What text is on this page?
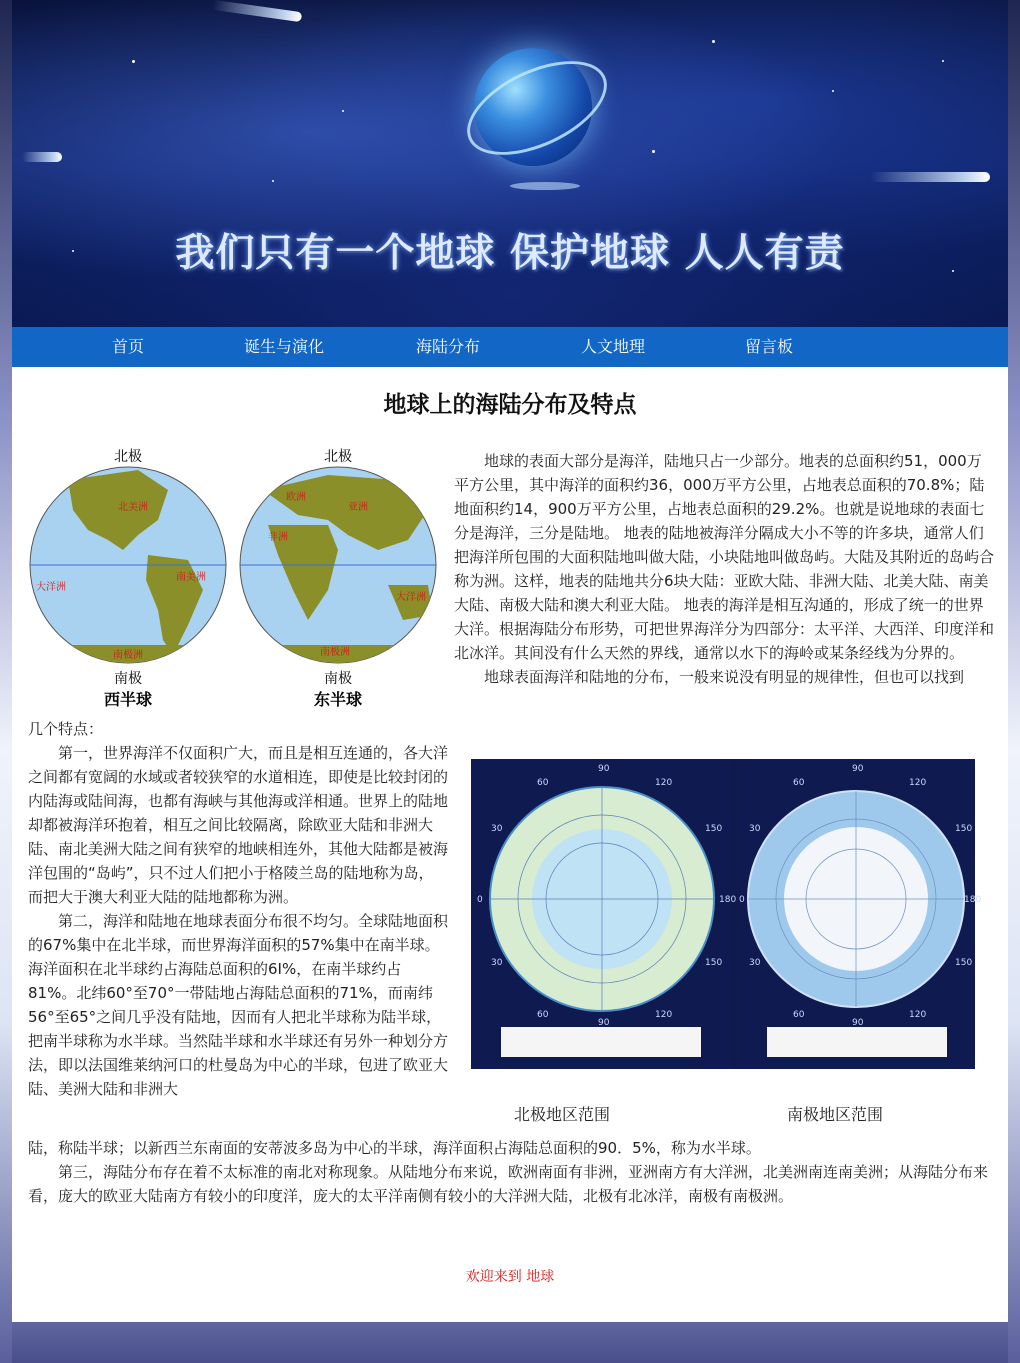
我们只有一个地球 保护地球 人人有责
首页	诞生与演化	海陆分布	人文地理	留言板
地球上的海陆分布及特点
北极	北极
南极	南极
西半球	东半球
北美洲
南美洲
大洋洲
南极洲
欧洲
亚洲
非洲
大洋洲
南极洲

地球的表面大部分是海洋，陆地只占一少部分。地表的总面积约51，000万平方公里，其中海洋的面积约36，000万平方公里，占地表总面积的70.8%；陆地面积约14，900万平方公里，占地表总面积的29.2%。也就是说地球的表面七分是海洋，三分是陆地。 地表的陆地被海洋分隔成大小不等的许多块，通常人们把海洋所包围的大面积陆地叫做大陆，小块陆地叫做岛屿。大陆及其附近的岛屿合称为洲。这样，地表的陆地共分6块大陆：亚欧大陆、非洲大陆、北美大陆、南美大陆、南极大陆和澳大利亚大陆。 地表的海洋是相互沟通的，形成了统一的世界大洋。根据海陆分布形势，可把世界海洋分为四部分：太平洋、大西洋、印度洋和北冰洋。其间没有什么天然的界线，通常以水下的海岭或某条经线为分界的。

地球表面海洋和陆地的分布，一般来说没有明显的规律性，但也可以找到

几个特点：

第一，世界海洋不仅面积广大，而且是相互连通的，各大洋之间都有宽阔的水域或者较狭窄的水道相连，即使是比较封闭的内陆海或陆间海，也都有海峡与其他海或洋相通。世界上的陆地却都被海洋环抱着，相互之间比较隔离，除欧亚大陆和非洲大陆、南北美洲大陆之间有狭窄的地峡相连外，其他大陆都是被海洋包围的“岛屿”，只不过人们把小于格陵兰岛的陆地称为岛，而把大于澳大利亚大陆的陆地都称为洲。

第二，海洋和陆地在地球表面分布很不均匀。全球陆地面积的67%集中在北半球，而世界海洋面积的57%集中在南半球。海洋面积在北半球约占海陆总面积的6I%，在南半球约占81%。北纬60°至70°一带陆地占海陆总面积的71%，而南纬56°至65°之间几乎没有陆地，因而有人把北半球称为陆半球，把南半球称为水半球。当然陆半球和水半球还有另外一种划分方法，即以法国维莱纳河口的杜曼岛为中心的半球，包进了欧亚大陆、美洲大陆和非洲大

90
60	120
30	150
0	180
150
30
60	120
90
90
60	120
30	150
0	180
30	150
60	120
90
北极地区范围	南极地区范围

陆，称陆半球；以新西兰东南面的安蒂波多岛为中心的半球，海洋面积占海陆总面积的90．5%，称为水半球。

第三，海陆分布存在着不太标准的南北对称现象。从陆地分布来说，欧洲南面有非洲，亚洲南方有大洋洲，北美洲南连南美洲；从海陆分布来看，庞大的欧亚大陆南方有较小的印度洋，庞大的太平洋南侧有较小的大洋洲大陆，北极有北冰洋，南极有南极洲。

欢迎来到 地球
